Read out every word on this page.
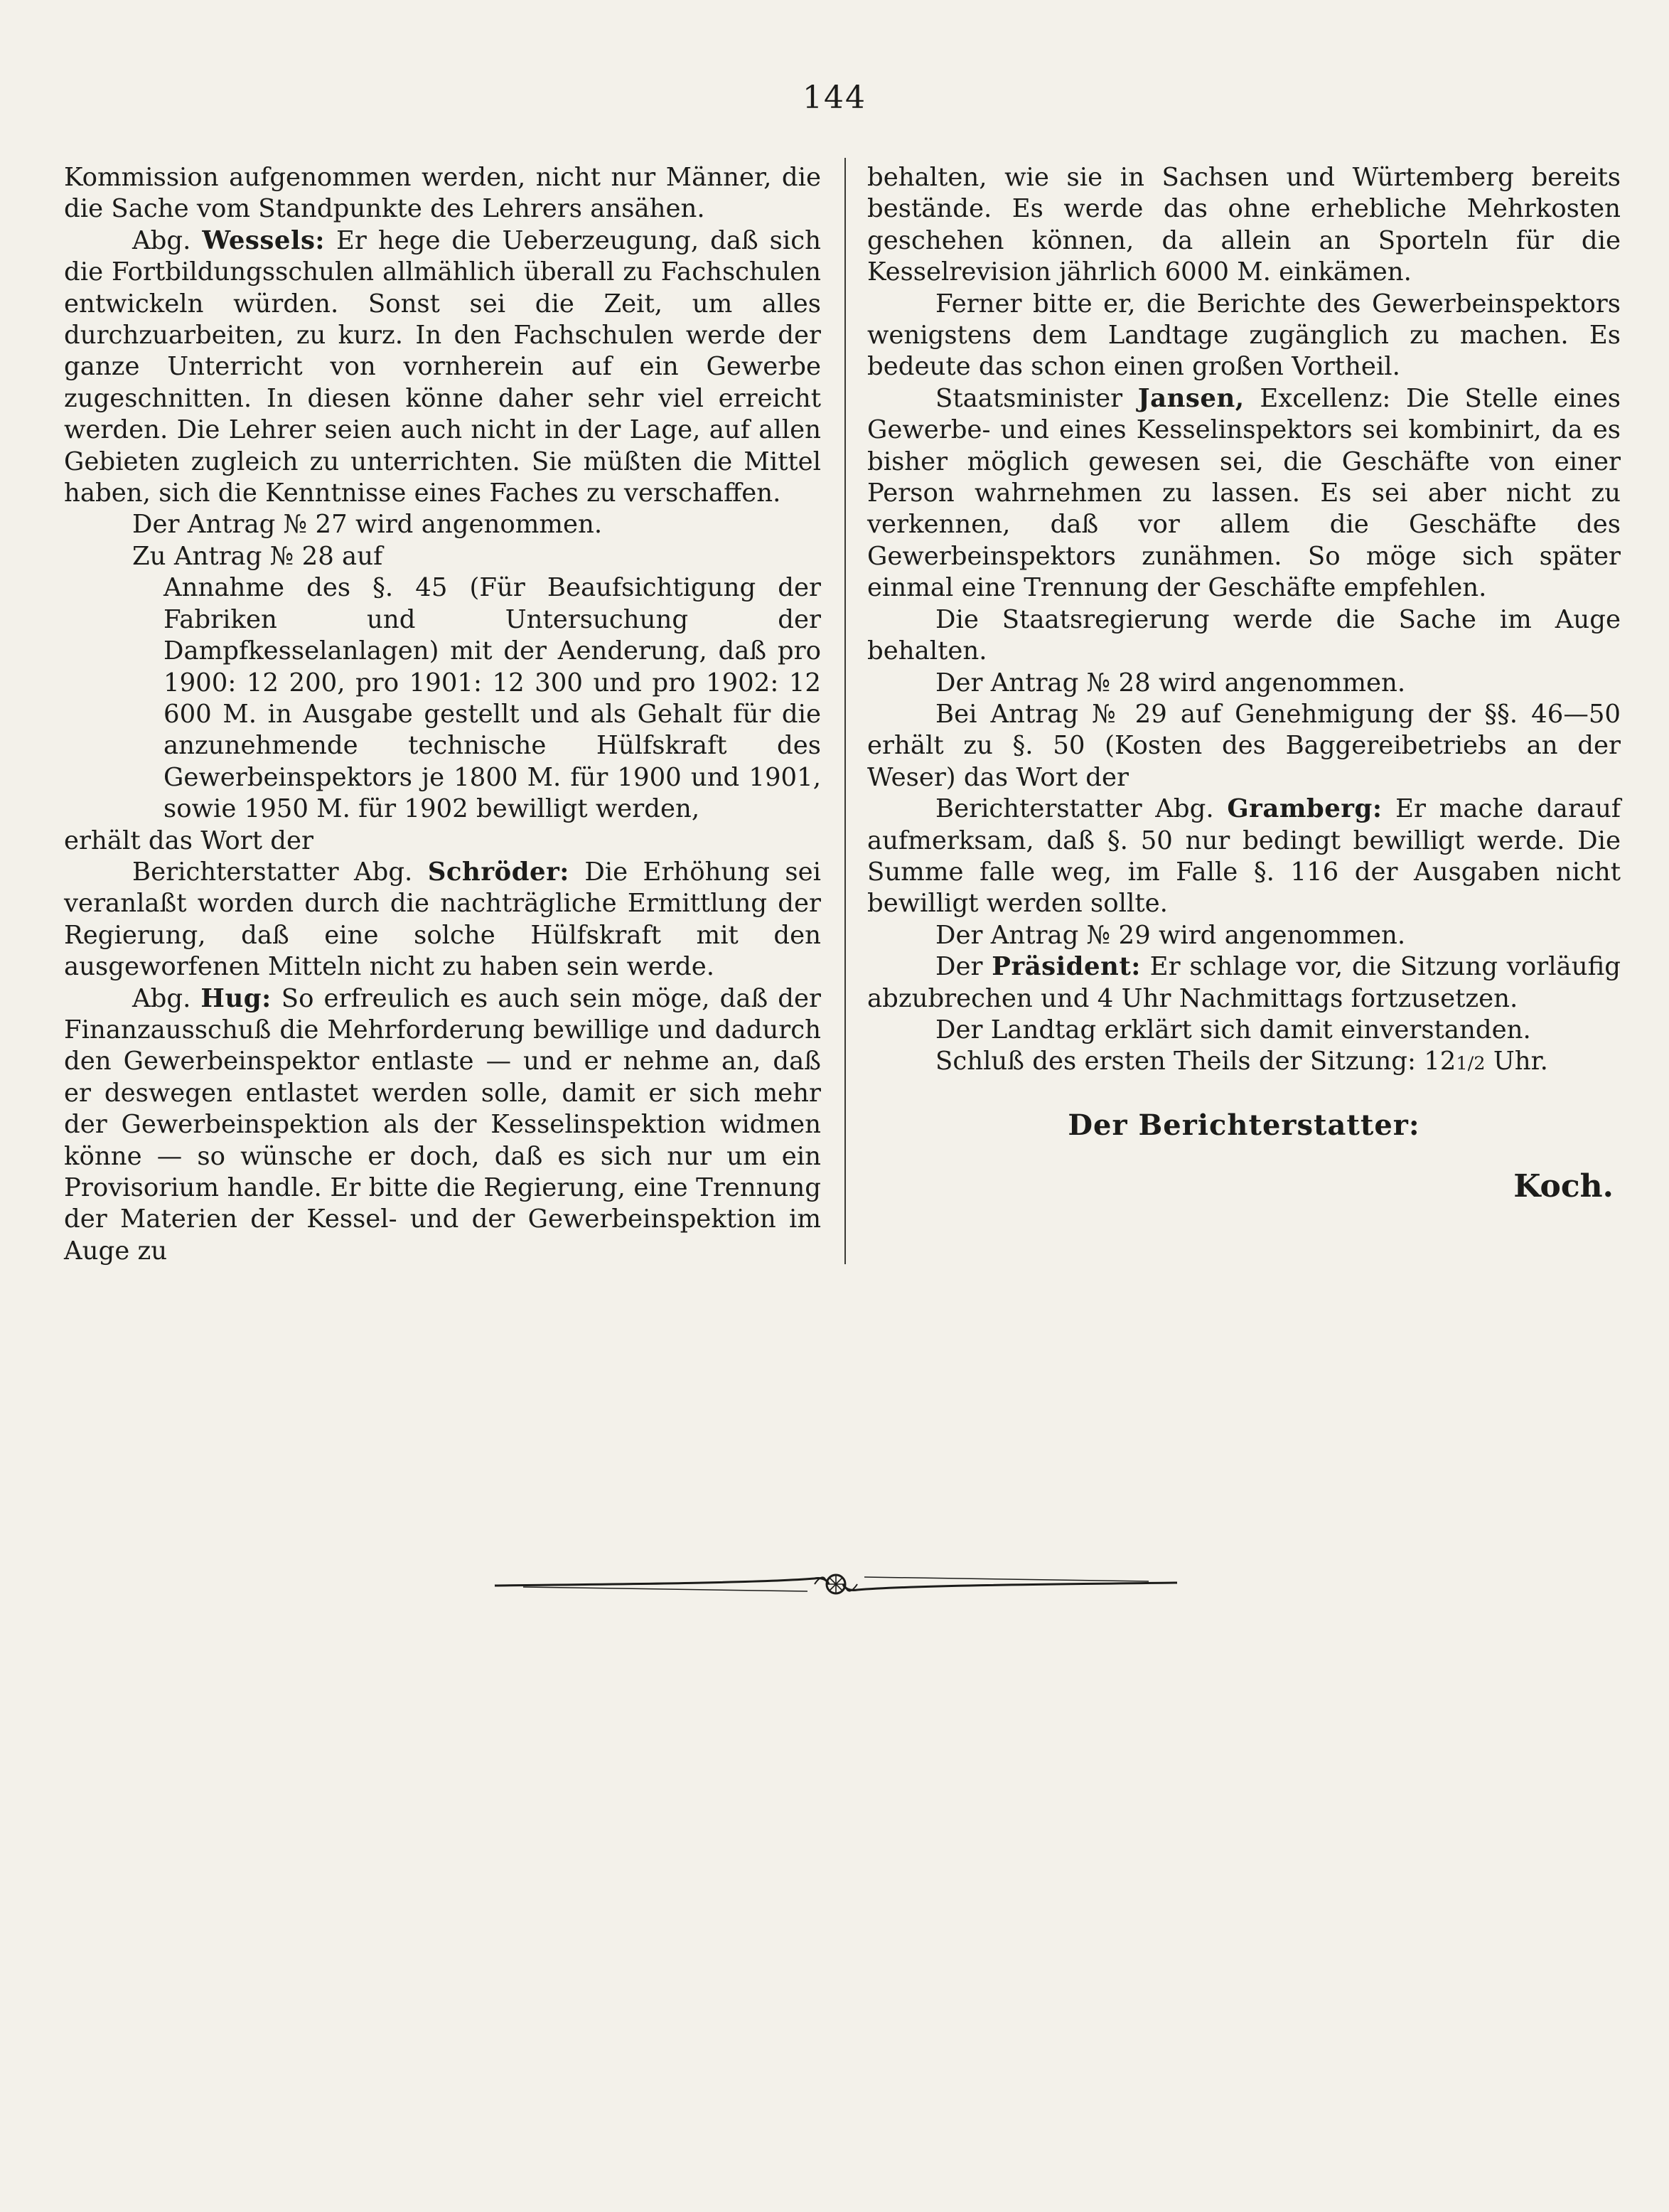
144

Kommission aufgenommen werden, nicht nur Männer, die die Sache vom Standpunkte des Lehrers ansähen.

Abg. Wessels: Er hege die Ueberzeugung, daß sich die Fortbildungsschulen allmählich überall zu Fachschulen entwickeln würden. Sonst sei die Zeit, um alles durchzuarbeiten, zu kurz. In den Fachschulen werde der ganze Unterricht von vornherein auf ein Gewerbe zugeschnitten. In diesen könne daher sehr viel erreicht werden. Die Lehrer seien auch nicht in der Lage, auf allen Gebieten zugleich zu unterrichten. Sie müßten die Mittel haben, sich die Kenntnisse eines Faches zu verschaffen.

Der Antrag № 27 wird angenommen.

Zu Antrag № 28 auf

Annahme des §. 45 (Für Beaufsichtigung der Fabriken und Untersuchung der Dampfkesselanlagen) mit der Aenderung, daß pro 1900: 12 200, pro 1901: 12 300 und pro 1902: 12 600 M. in Ausgabe gestellt und als Gehalt für die anzunehmende technische Hülfskraft des Gewerbeinspektors je 1800 M. für 1900 und 1901, sowie 1950 M. für 1902 bewilligt werden,

erhält das Wort der

Berichterstatter Abg. Schröder: Die Erhöhung sei veranlaßt worden durch die nachträgliche Ermittlung der Regierung, daß eine solche Hülfskraft mit den ausgeworfenen Mitteln nicht zu haben sein werde.

Abg. Hug: So erfreulich es auch sein möge, daß der Finanzausschuß die Mehrforderung bewillige und dadurch den Gewerbeinspektor entlaste — und er nehme an, daß er deswegen entlastet werden solle, damit er sich mehr der Gewerbeinspektion als der Kesselinspektion widmen könne — so wünsche er doch, daß es sich nur um ein Provisorium handle. Er bitte die Regierung, eine Trennung der Materien der Kessel- und der Gewerbeinspektion im Auge zu

behalten, wie sie in Sachsen und Würtemberg bereits bestände. Es werde das ohne erhebliche Mehrkosten geschehen können, da allein an Sporteln für die Kesselrevision jährlich 6000 M. einkämen.

Ferner bitte er, die Berichte des Gewerbeinspektors wenigstens dem Landtage zugänglich zu machen. Es bedeute das schon einen großen Vortheil.

Staatsminister Jansen, Excellenz: Die Stelle eines Gewerbe- und eines Kesselinspektors sei kombinirt, da es bisher möglich gewesen sei, die Geschäfte von einer Person wahrnehmen zu lassen. Es sei aber nicht zu verkennen, daß vor allem die Geschäfte des Gewerbeinspektors zunähmen. So möge sich später einmal eine Trennung der Geschäfte empfehlen.

Die Staatsregierung werde die Sache im Auge behalten.

Der Antrag № 28 wird angenommen.

Bei Antrag № 29 auf Genehmigung der §§. 46—50 erhält zu §. 50 (Kosten des Baggereibetriebs an der Weser) das Wort der

Berichterstatter Abg. Gramberg: Er mache darauf aufmerksam, daß §. 50 nur bedingt bewilligt werde. Die Summe falle weg, im Falle §. 116 der Ausgaben nicht bewilligt werden sollte.

Der Antrag № 29 wird angenommen.

Der Präsident: Er schlage vor, die Sitzung vorläufig abzubrechen und 4 Uhr Nachmittags fortzusetzen.

Der Landtag erklärt sich damit einverstanden.

Schluß des ersten Theils der Sitzung: 121/2 Uhr.

Der Berichterstatter:

Koch.
